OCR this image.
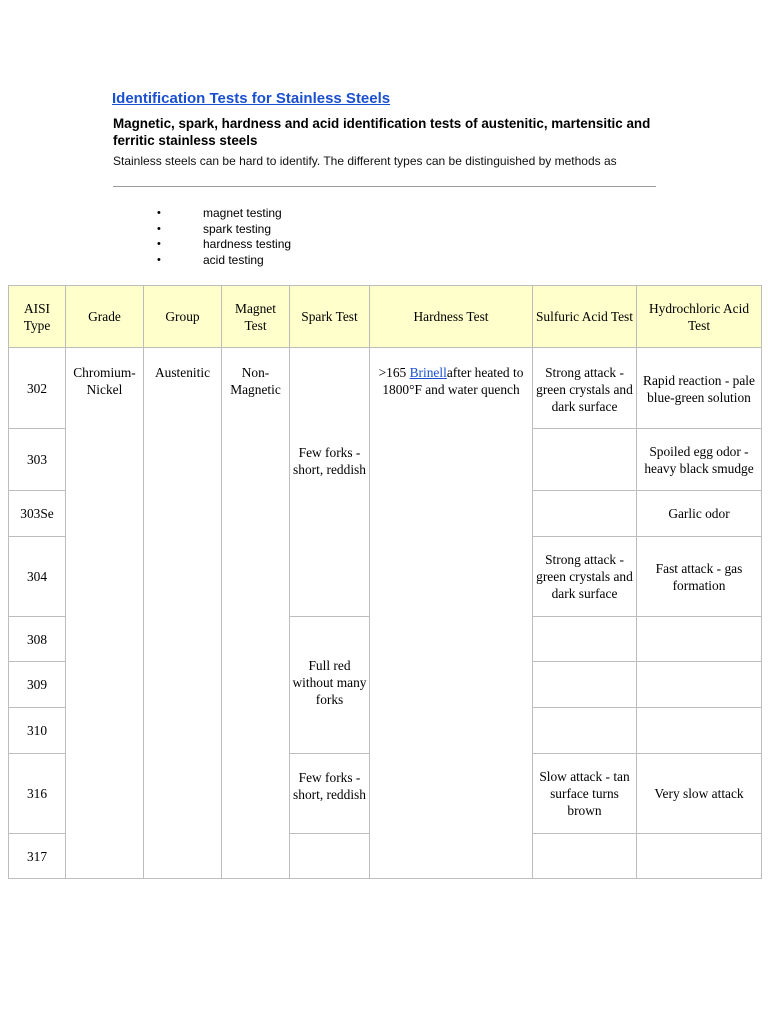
Identification Tests for Stainless Steels
Magnetic, spark, hardness and acid identification tests of austenitic, martensitic and ferritic stainless steels
Stainless steels can be hard to identify. The different types can be distinguished by methods as
•	magnet testing
•	spark testing
•	hardness testing
•	acid testing
AISI Type	Grade	Group	Magnet Test	Spark Test	Hardness Test	Sulfuric Acid Test	Hydrochloric Acid Test
302	Chromium-Nickel	Austenitic	Non-Magnetic	Few forks - short, reddish	>165 Brinellafter heated to 1800°F and water quench	Strong attack - green crystals and dark surface	Rapid reaction - pale blue-green solution
303							Spoiled egg odor - heavy black smudge
303Se							Garlic odor
304						Strong attack - green crystals and dark surface	Fast attack - gas formation
308				Full red without many forks			
309							
310							
316				Few forks - short, reddish		Slow attack - tan surface turns brown	Very slow attack
317							
